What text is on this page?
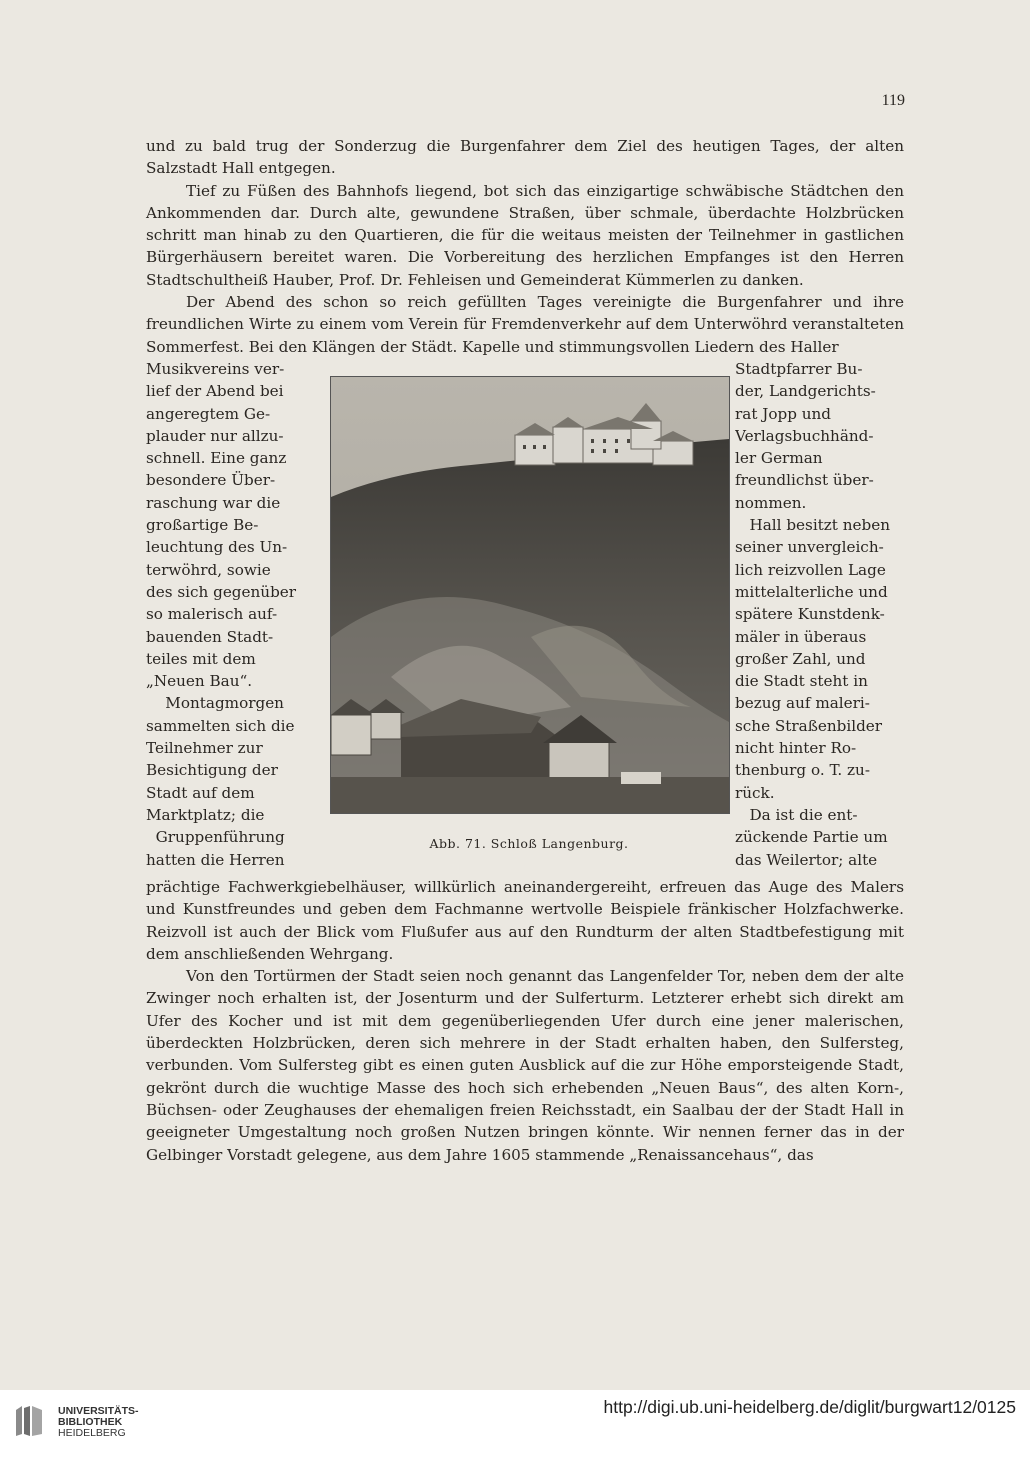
119

und zu bald trug der Sonderzug die Burgenfahrer dem Ziel des heutigen Tages, der alten Salzstadt Hall entgegen.

Tief zu Füßen des Bahnhofs liegend, bot sich das einzigartige schwäbische Städtchen den Ankommenden dar. Durch alte, gewundene Straßen, über schmale, überdachte Holzbrücken schritt man hinab zu den Quartieren, die für die weitaus meisten der Teilnehmer in gastlichen Bürgerhäusern bereitet waren. Die Vorbereitung des herzlichen Empfanges ist den Herren Stadtschultheiß Hauber, Prof. Dr. Fehleisen und Gemeinderat Kümmerlen zu danken.

Der Abend des schon so reich gefüllten Tages vereinigte die Burgenfahrer und ihre freundlichen Wirte zu einem vom Verein für Fremdenverkehr auf dem Unterwöhrd veranstalteten Sommerfest. Bei den Klängen der Städt. Kapelle und stimmungsvollen Liedern des Haller

Musikvereins ver-
lief der Abend bei
angeregtem Ge-
plauder nur allzu-
schnell. Eine ganz
besondere Über-
raschung war die
großartige Be-
leuchtung des Un-
terwöhrd, sowie
des sich gegenüber
so malerisch auf-
bauenden Stadt-
teiles mit dem
„Neuen Bau“.
Montagmorgen
sammelten sich die
Teilnehmer zur
Besichtigung der
Stadt auf dem
Marktplatz; die
Gruppenführung
hatten die Herren
Stadtpfarrer Bu-
der, Landgerichts-
rat Jopp und
Verlagsbuchhänd-
ler German
freundlichst über-
nommen.
Hall besitzt neben
seiner unvergleich-
lich reizvollen Lage
mittelalterliche und
spätere Kunstdenk-
mäler in überaus
großer Zahl, und
die Stadt steht in
bezug auf maleri-
sche Straßenbilder
nicht hinter Ro-
thenburg o. T. zu-
rück.
Da ist die ent-
zückende Partie um
das Weilertor; alte
Abb. 71. Schloß Langenburg.

prächtige Fachwerkgiebelhäuser, willkürlich aneinandergereiht, erfreuen das Auge des Malers und Kunstfreundes und geben dem Fachmanne wertvolle Beispiele fränkischer Holzfachwerke. Reizvoll ist auch der Blick vom Flußufer aus auf den Rundturm der alten Stadtbefestigung mit dem anschließenden Wehrgang.

Von den Tortürmen der Stadt seien noch genannt das Langenfelder Tor, neben dem der alte Zwinger noch erhalten ist, der Josenturm und der Sulferturm. Letzterer erhebt sich direkt am Ufer des Kocher und ist mit dem gegenüberliegenden Ufer durch eine jener malerischen, überdeckten Holzbrücken, deren sich mehrere in der Stadt erhalten haben, den Sulfersteg, verbunden. Vom Sulfersteg gibt es einen guten Ausblick auf die zur Höhe emporsteigende Stadt, gekrönt durch die wuchtige Masse des hoch sich erhebenden „Neuen Baus“, des alten Korn-, Büchsen- oder Zeughauses der ehemaligen freien Reichsstadt, ein Saalbau der der Stadt Hall in geeigneter Umgestaltung noch großen Nutzen bringen könnte. Wir nennen ferner das in der Gelbinger Vorstadt gelegene, aus dem Jahre 1605 stammende „Renaissancehaus“, das

UNIVERSITÄTS-
BIBLIOTHEK
HEIDELBERG
http://digi.ub.uni-heidelberg.de/diglit/burgwart12/0125
